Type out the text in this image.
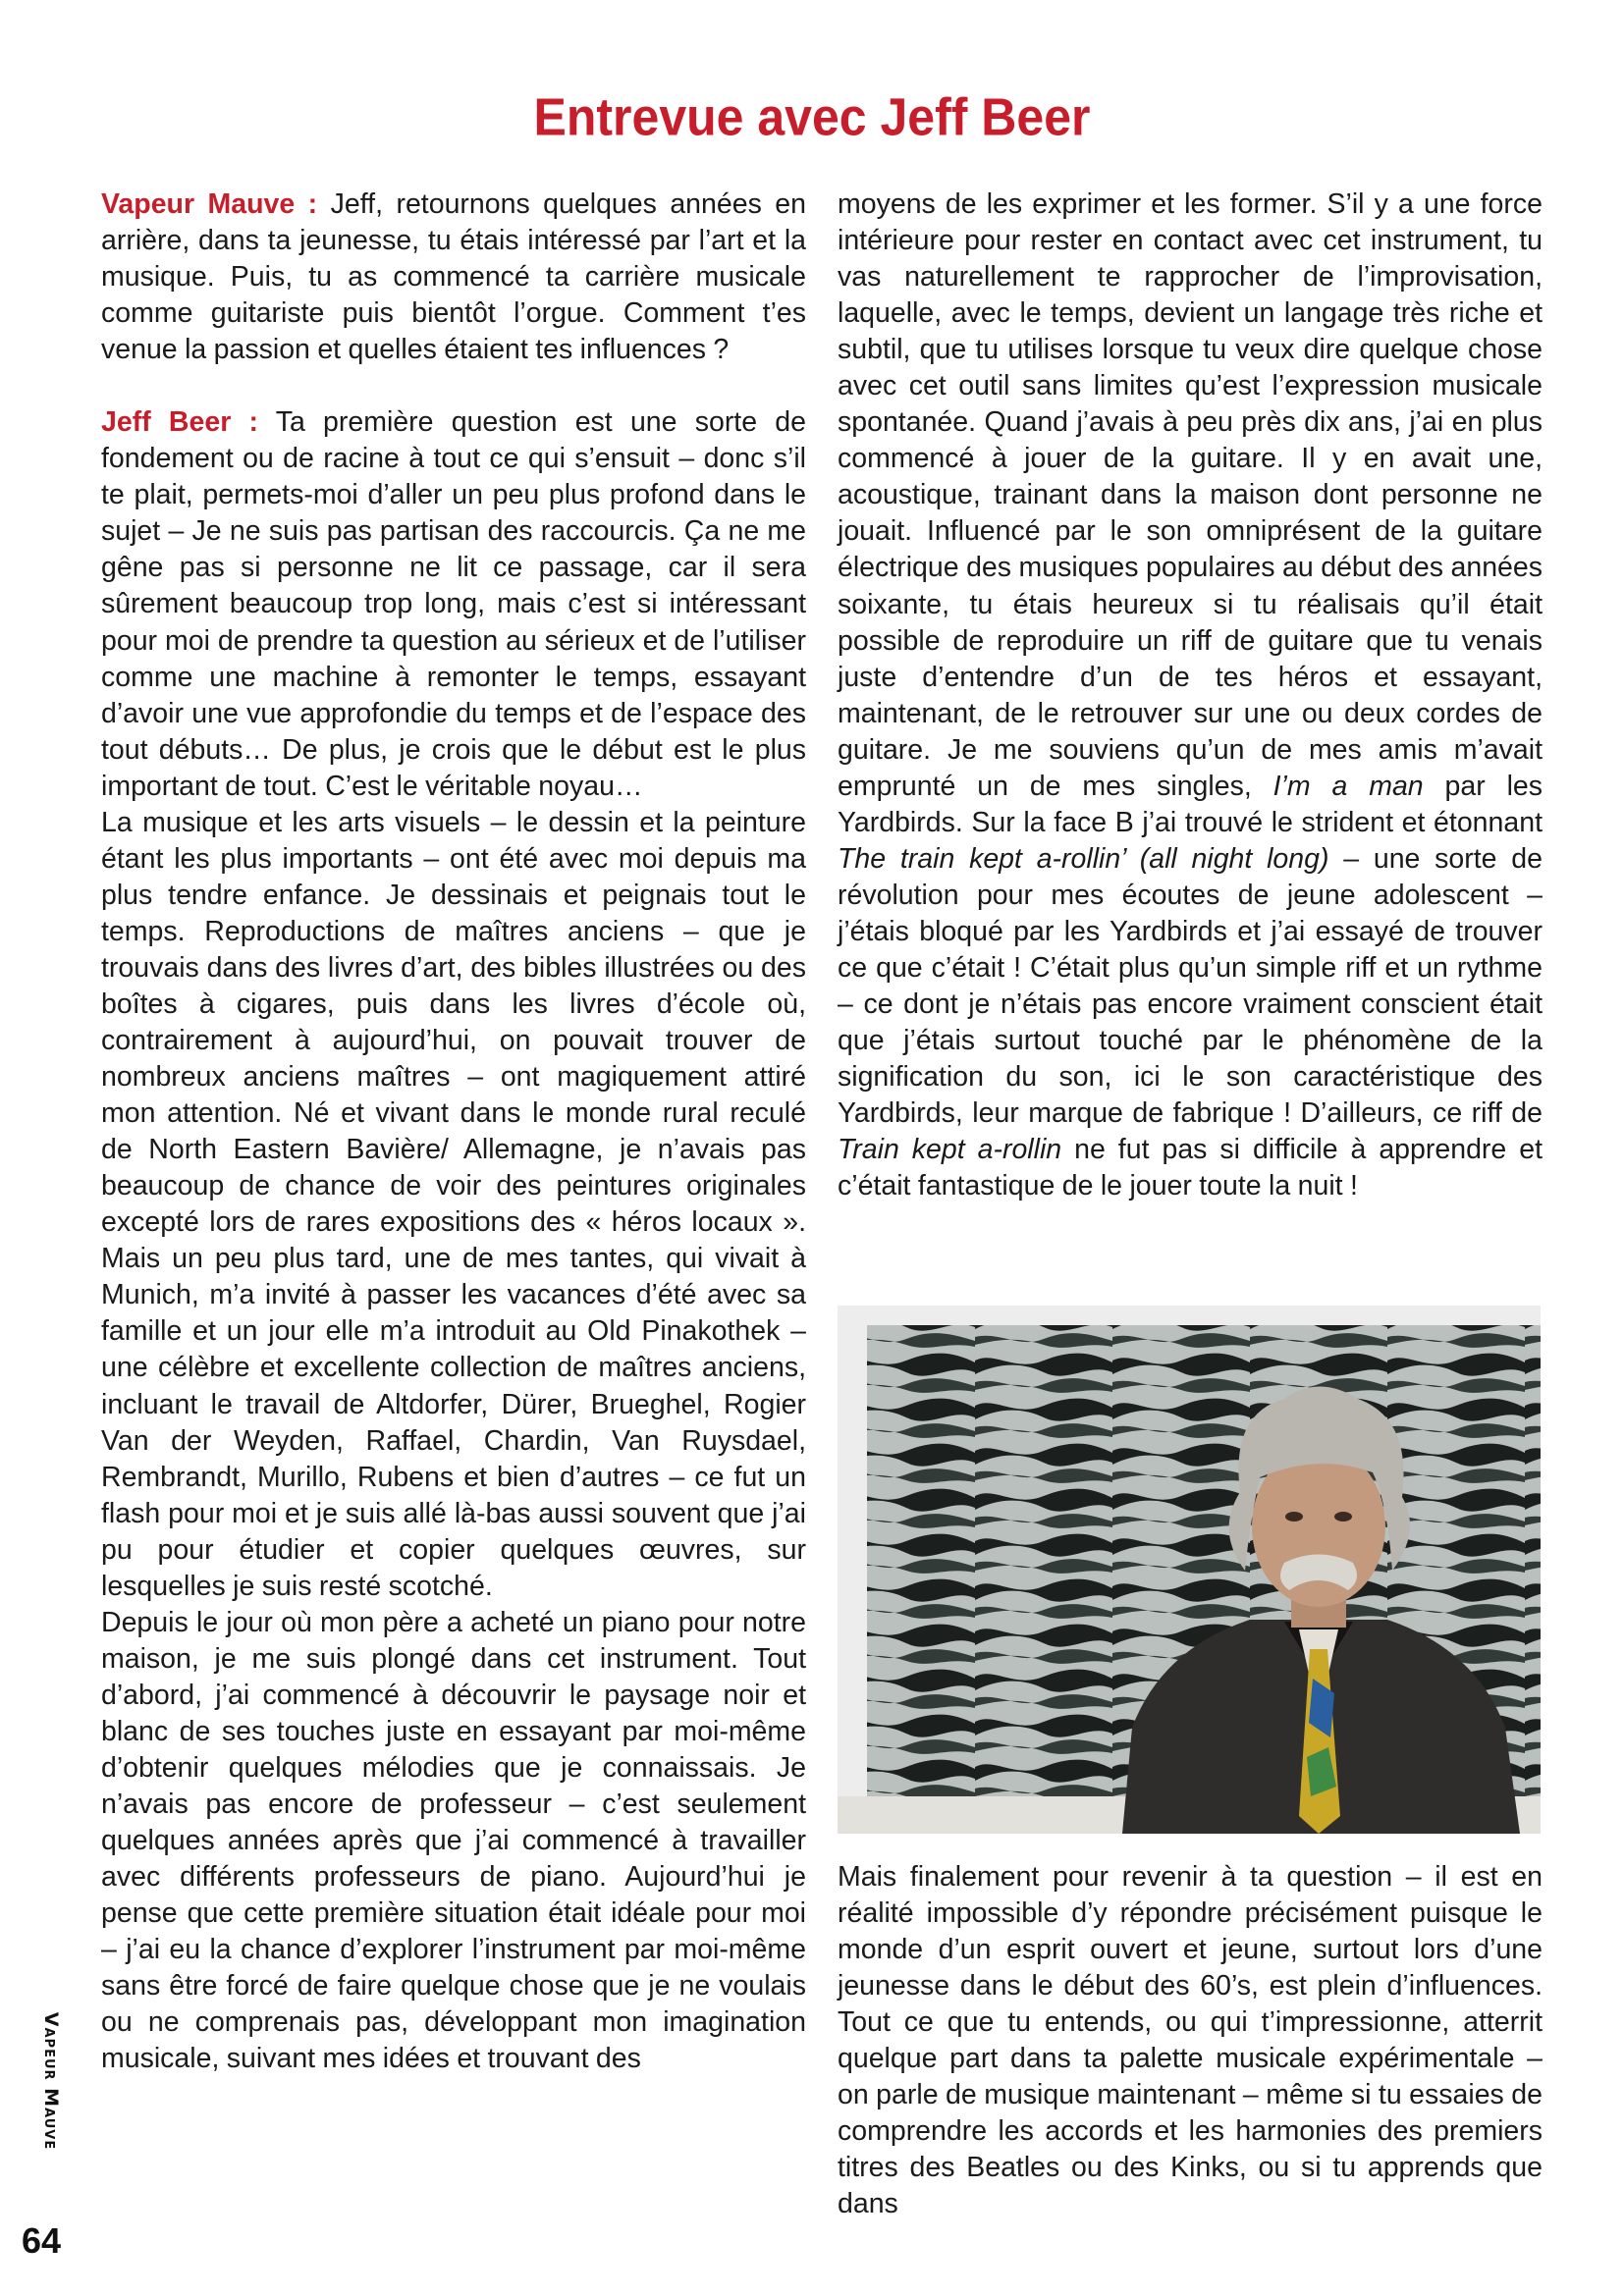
Entrevue avec Jeff Beer

Vapeur Mauve : Jeff, retournons quelques années en arrière, dans ta jeunesse, tu étais intéressé par l’art et la musique. Puis, tu as commencé ta carrière musicale comme guitariste puis bientôt l’orgue. Comment t’es venue la passion et quelles étaient tes influences ?

Jeff Beer : Ta première question est une sorte de fondement ou de racine à tout ce qui s’ensuit – donc s’il te plait, permets-moi d’aller un peu plus profond dans le sujet – Je ne suis pas partisan des raccourcis. Ça ne me gêne pas si personne ne lit ce passage, car il sera sûrement beaucoup trop long, mais c’est si intéressant pour moi de prendre ta question au sérieux et de l’utiliser comme une machine à remonter le temps, essayant d’avoir une vue approfondie du temps et de l’espace des tout débuts… De plus, je crois que le début est le plus important de tout. C’est le véritable noyau…

La musique et les arts visuels – le dessin et la peinture étant les plus importants – ont été avec moi depuis ma plus tendre enfance. Je dessinais et peignais tout le temps. Reproductions de maîtres anciens – que je trouvais dans des livres d’art, des bibles illustrées ou des boîtes à cigares, puis dans les livres d’école où, contrairement à aujourd’hui, on pouvait trouver de nombreux anciens maîtres – ont magiquement attiré mon attention. Né et vivant dans le monde rural reculé de North Eastern Bavière/ Allemagne, je n’avais pas beaucoup de chance de voir des peintures originales excepté lors de rares expositions des « héros locaux ». Mais un peu plus tard, une de mes tantes, qui vivait à Munich, m’a invité à passer les vacances d’été avec sa famille et un jour elle m’a introduit au Old Pinakothek – une célèbre et excellente collection de maîtres anciens, incluant le travail de Altdorfer, Dürer, Brueghel, Rogier Van der Weyden, Raffael, Chardin, Van Ruysdael, Rembrandt, Murillo, Rubens et bien d’autres – ce fut un flash pour moi et je suis allé là-bas aussi souvent que j’ai pu pour étudier et copier quelques œuvres, sur lesquelles je suis resté scotché.

Depuis le jour où mon père a acheté un piano pour notre maison, je me suis plongé dans cet instrument. Tout d’abord, j’ai commencé à découvrir le paysage noir et blanc de ses touches juste en essayant par moi-même d’obtenir quelques mélodies que je connaissais. Je n’avais pas encore de professeur – c’est seulement quelques années après que j’ai commencé à travailler avec différents professeurs de piano. Aujourd’hui je pense que cette première situation était idéale pour moi – j’ai eu la chance d’explorer l’instrument par moi-même sans être forcé de faire quelque chose que je ne voulais ou ne comprenais pas, développant mon imagination musicale, suivant mes idées et trouvant des

moyens de les exprimer et les former. S’il y a une force intérieure pour rester en contact avec cet instrument, tu vas naturellement te rapprocher de l’improvisation, laquelle, avec le temps, devient un langage très riche et subtil, que tu utilises lorsque tu veux dire quelque chose avec cet outil sans limites qu’est l’expression musicale spontanée. Quand j’avais à peu près dix ans, j’ai en plus commencé à jouer de la guitare. Il y en avait une, acoustique, trainant dans la maison dont personne ne jouait. Influencé par le son omniprésent de la guitare électrique des musiques populaires au début des années soixante, tu étais heureux si tu réalisais qu’il était possible de reproduire un riff de guitare que tu venais juste d’entendre d’un de tes héros et essayant, maintenant, de le retrouver sur une ou deux cordes de guitare. Je me souviens qu’un de mes amis m’avait emprunté un de mes singles, I’m a man par les Yardbirds. Sur la face B j’ai trouvé le strident et étonnant The train kept a-rollin’ (all night long) – une sorte de révolution pour mes écoutes de jeune adolescent – j’étais bloqué par les Yardbirds et j’ai essayé de trouver ce que c’était ! C’était plus qu’un simple riff et un rythme – ce dont je n’étais pas encore vraiment conscient était que j’étais surtout touché par le phénomène de la signification du son, ici le son caractéristique des Yardbirds, leur marque de fabrique ! D’ailleurs, ce riff de Train kept a-rollin ne fut pas si difficile à apprendre et c’était fantastique de le jouer toute la nuit !

Mais finalement pour revenir à ta question – il est en réalité impossible d’y répondre précisément puisque le monde d’un esprit ouvert et jeune, surtout lors d’une jeunesse dans le début des 60’s, est plein d’influences. Tout ce que tu entends, ou qui t’impressionne, atterrit quelque part dans ta palette musicale expérimentale – on parle de musique maintenant – même si tu essaies de comprendre les accords et les harmonies des premiers titres des Beatles ou des Kinks, ou si tu apprends que dans

Vapeur Mauve
64
